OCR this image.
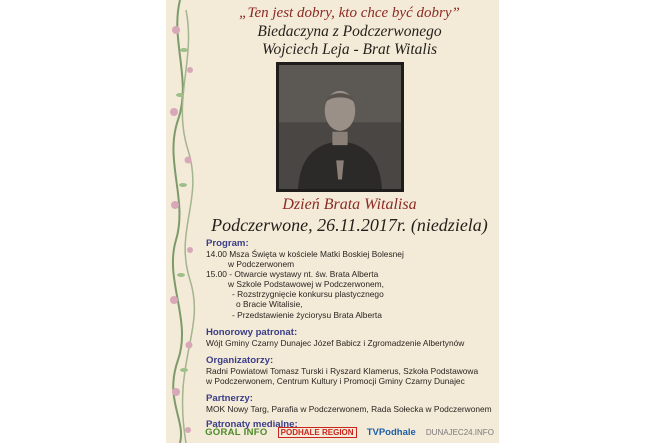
„Ten jest dobry, kto chce być dobry”
Biedaczyna z Podczerwonego
Wojciech Leja - Brat Witalis
Dzień Brata Witalisa
Podczerwone, 26.11.2017r. (niedziela)
Program:
14.00 Msza Święta w kościele Matki Boskiej Bolesnej
w Podczerwonem
15.00 - Otwarcie wystawy nt. św. Brata Alberta
w Szkole Podstawowej w Podczerwonem,
- Rozstrzygnięcie konkursu plastycznego
o Bracie Witalisie,
- Przedstawienie życiorysu Brata Alberta
Honorowy patronat:
Wójt Gminy Czarny Dunajec Józef Babicz i Zgromadzenie Albertynów
Organizatorzy:
Radni Powiatowi Tomasz Turski i Ryszard Klamerus, Szkoła Podstawowa
w Podczerwonem, Centrum Kultury i Promocji Gminy Czarny Dunajec
Partnerzy:
MOK Nowy Targ, Parafia w Podczerwonem, Rada Sołecka w Podczerwonem
Patronaty medialne:
GÓRAL INFO	PODHALE REGION	TVPodhale DUNAJEC24.INFO
